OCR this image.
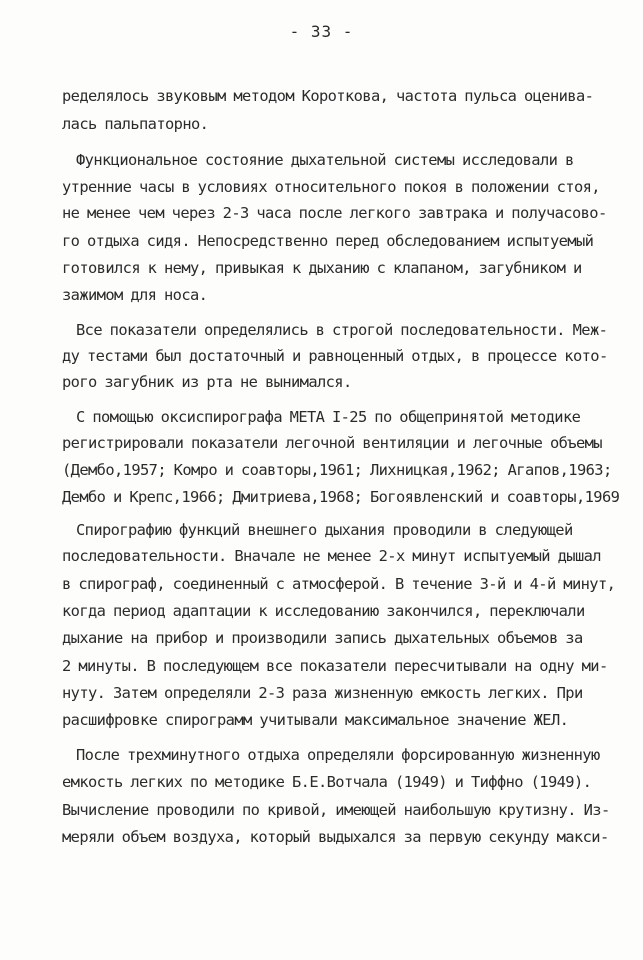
- 33 -
ределялось звуковым методом Короткова, частота пульса оценива-
лась пальпаторно.
Функциональное состояние дыхательной системы исследовали в
утренние часы в условиях относительного покоя в положении стоя,
не менее чем через 2-3 часа после легкого завтрака и получасово-
го отдыха сидя. Непосредственно перед обследованием испытуемый
готовился к нему, привыкая к дыханию с клапаном, загубником и
зажимом для носа.
Все показатели определялись в строгой последовательности. Меж-
ду тестами был достаточный и равноценный отдых, в процессе кото-
рого загубник из рта не вынимался.
С помощью оксиспирографа МЕТА I-25 по общепринятой методике
регистрировали показатели легочной вентиляции и легочные объемы
(Дембо,1957; Комро и соавторы,1961; Лихницкая,1962; Агапов,1963;
Дембо и Крепс,1966; Дмитриева,1968; Богоявленский и соавторы,1969
Спирографию функций внешнего дыхания проводили в следующей
последовательности. Вначале не менее 2-х минут испытуемый дышал
в спирограф, соединенный с атмосферой. В течение 3-й и 4-й минут,
когда период адаптации к исследованию закончился, переключали
дыхание на прибор и производили запись дыхательных объемов за
2 минуты. В последующем все показатели пересчитывали на одну ми-
нуту. Затем определяли 2-3 раза жизненную емкость легких. При
расшифровке спирограмм учитывали максимальное значение ЖЕЛ.
После трехминутного отдыха определяли форсированную жизненную
емкость легких по методике Б.Е.Вотчала (1949) и Тиффно (1949).
Вычисление проводили по кривой, имеющей наибольшую крутизну. Из-
меряли объем воздуха, который выдыхался за первую секунду макси-
